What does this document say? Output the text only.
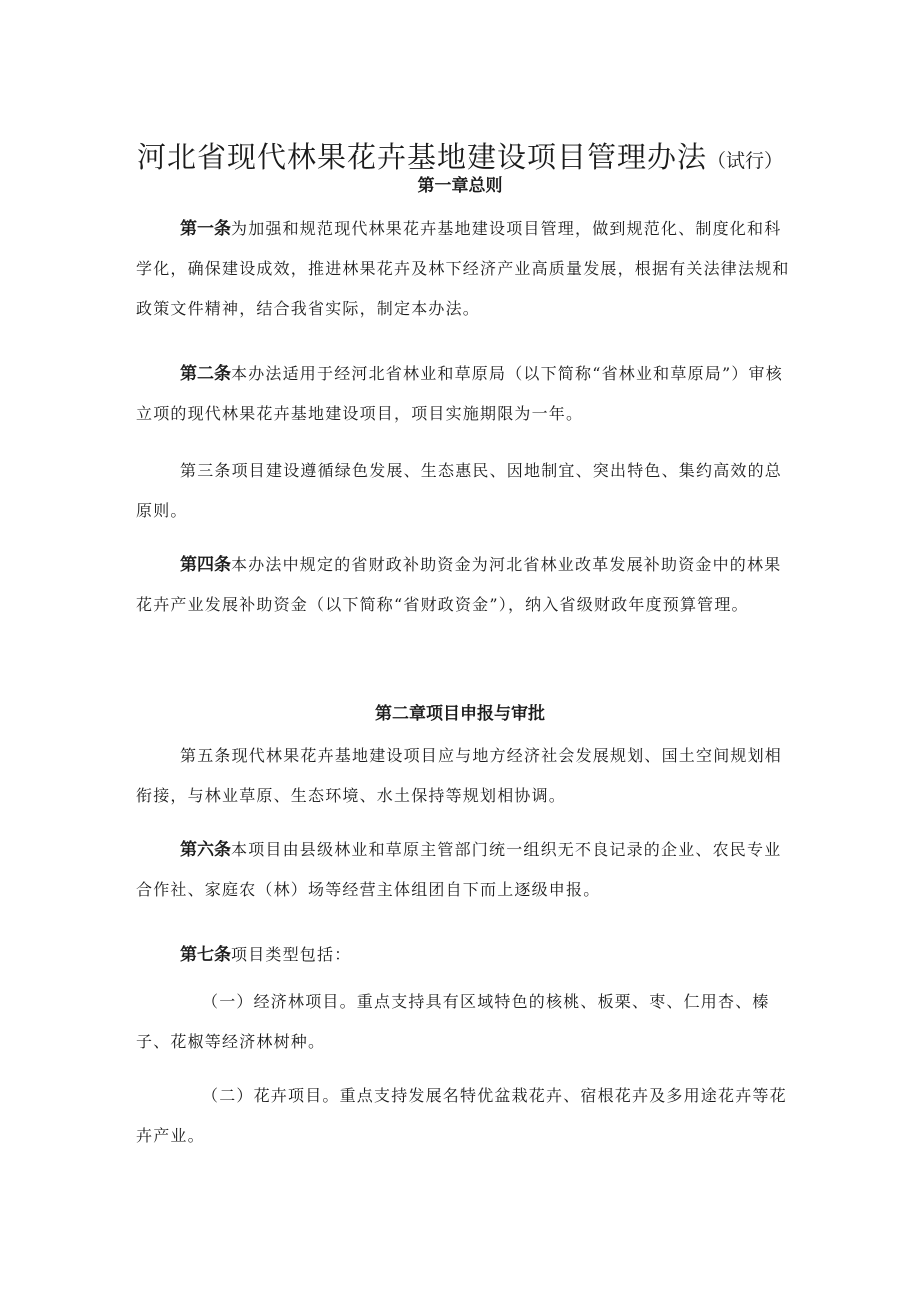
河北省现代林果花卉基地建设项目管理办法（试行）
第一章总则

第一条为加强和规范现代林果花卉基地建设项目管理，做到规范化、制度化和科学化，确保建设成效，推进林果花卉及林下经济产业高质量发展，根据有关法律法规和政策文件精神，结合我省实际，制定本办法。

第二条本办法适用于经河北省林业和草原局（以下简称“省林业和草原局”）审核立项的现代林果花卉基地建设项目，项目实施期限为一年。

第三条项目建设遵循绿色发展、生态惠民、因地制宜、突出特色、集约高效的总原则。

第四条本办法中规定的省财政补助资金为河北省林业改革发展补助资金中的林果花卉产业发展补助资金（以下简称“省财政资金”），纳入省级财政年度预算管理。

第二章项目申报与审批

第五条现代林果花卉基地建设项目应与地方经济社会发展规划、国土空间规划相衔接，与林业草原、生态环境、水土保持等规划相协调。

第六条本项目由县级林业和草原主管部门统一组织无不良记录的企业、农民专业合作社、家庭农（林）场等经营主体组团自下而上逐级申报。

第七条项目类型包括：

（一）经济林项目。重点支持具有区域特色的核桃、板栗、枣、仁用杏、榛子、花椒等经济林树种。

（二）花卉项目。重点支持发展名特优盆栽花卉、宿根花卉及多用途花卉等花卉产业。
